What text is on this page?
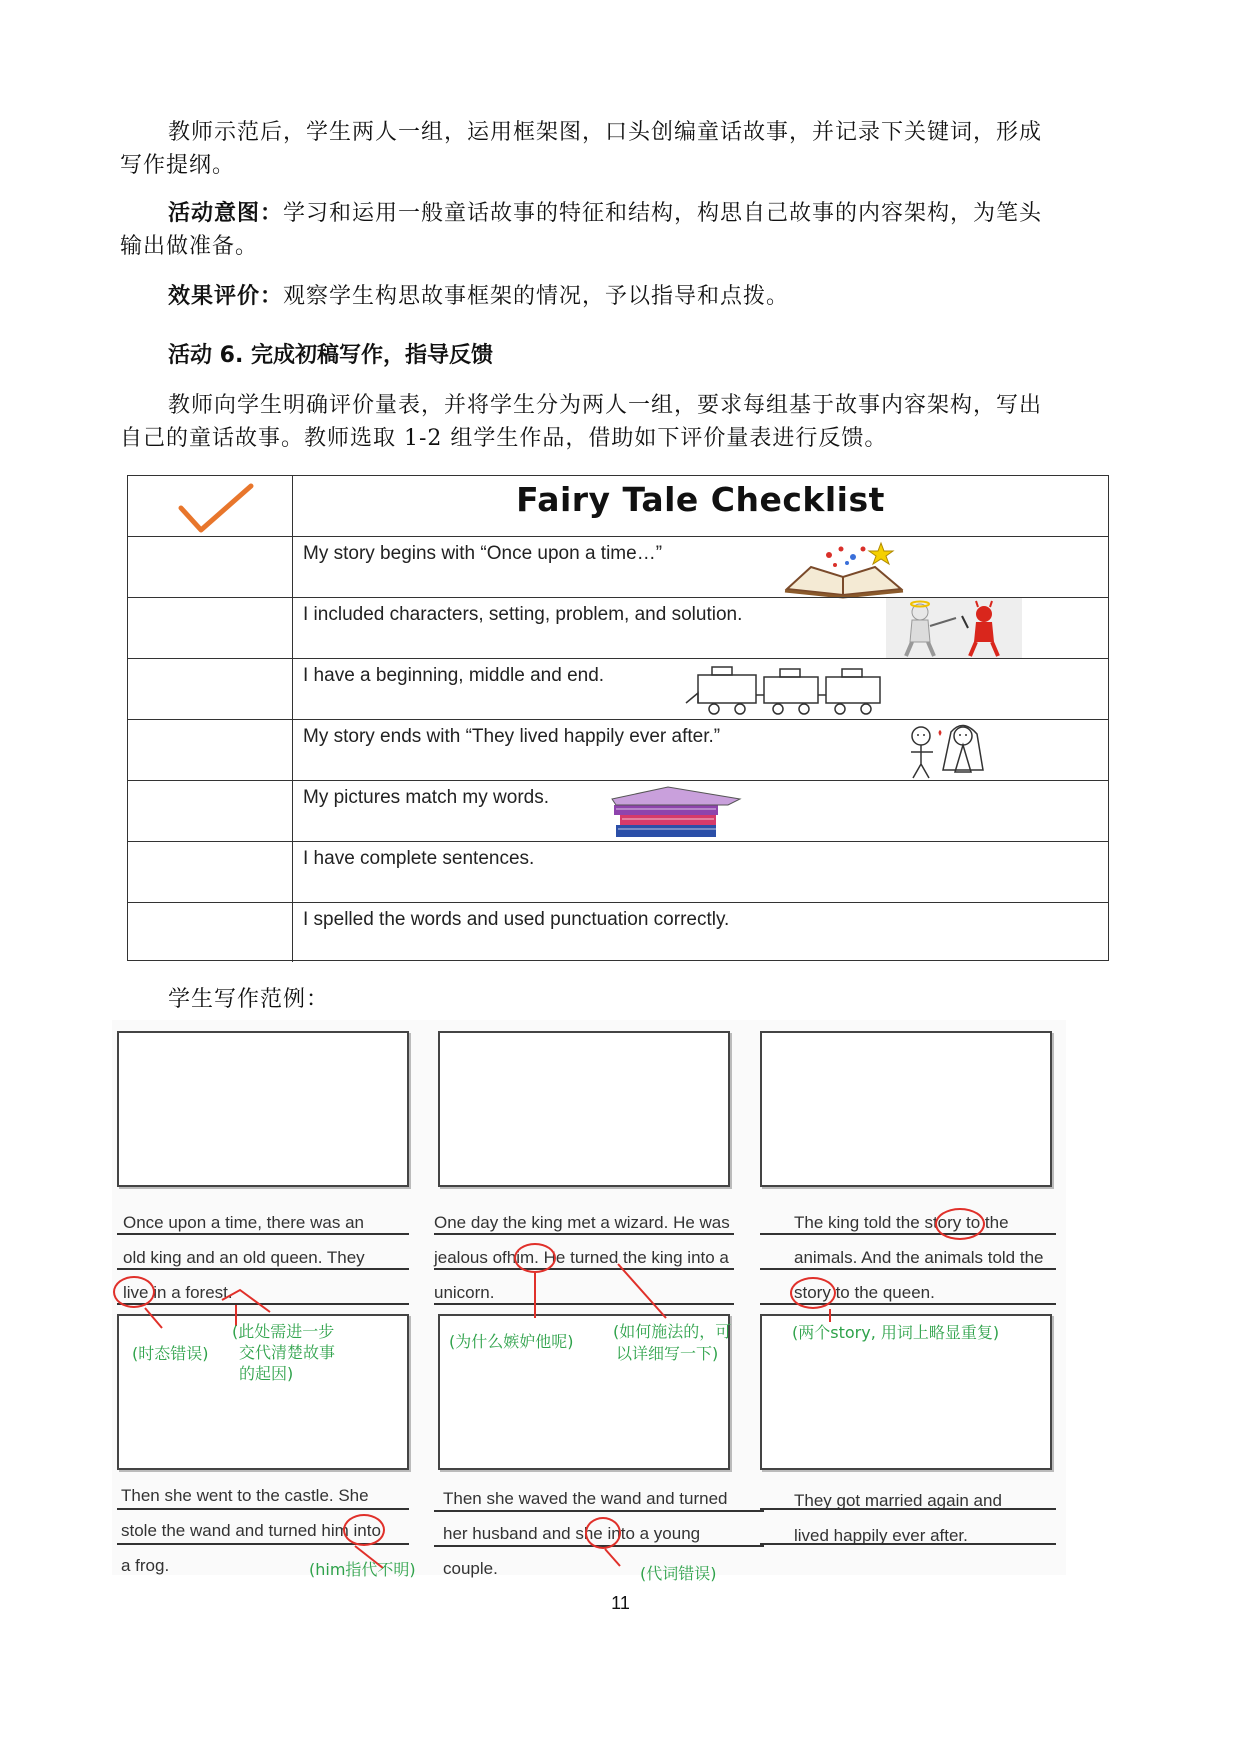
教师示范后，学生两人一组，运用框架图，口头创编童话故事，并记录下关键词，形成
写作提纲。
活动意图：学习和运用一般童话故事的特征和结构，构思自己故事的内容架构，为笔头
输出做准备。
效果评价：观察学生构思故事框架的情况，予以指导和点拨。
活动 6. 完成初稿写作，指导反馈
教师向学生明确评价量表，并将学生分为两人一组，要求每组基于故事内容架构，写出
自己的童话故事。教师选取 1-2 组学生作品，借助如下评价量表进行反馈。
Fairy Tale Checklist
My story begins with “Once upon a time…”
I included characters, setting, problem, and solution.
I have a beginning, middle and end.
My story ends with “They lived happily ever after.”
My pictures match my words.
I have complete sentences.
I spelled the words and used punctuation correctly.
学生写作范例：
Once upon a time, there was an
old king and an old queen. They
live in a forest.
One day the king met a wizard. He was
jealous ofhim. He turned the king into a
unicorn.
The king told the story to the
animals. And the animals told the
story to the queen.
Then she went to the castle. She
stole the wand and turned him into
a frog.
Then she waved the wand and turned
her husband and she into a young
couple.
They got married again and
lived happily ever after.
(时态错误)
(此处需进一步
交代清楚故事
的起因)
(为什么嫉妒他呢)
(如何施法的，可
以详细写一下)
(两个story, 用词上略显重复)
(him指代不明)	(代词错误)
11
